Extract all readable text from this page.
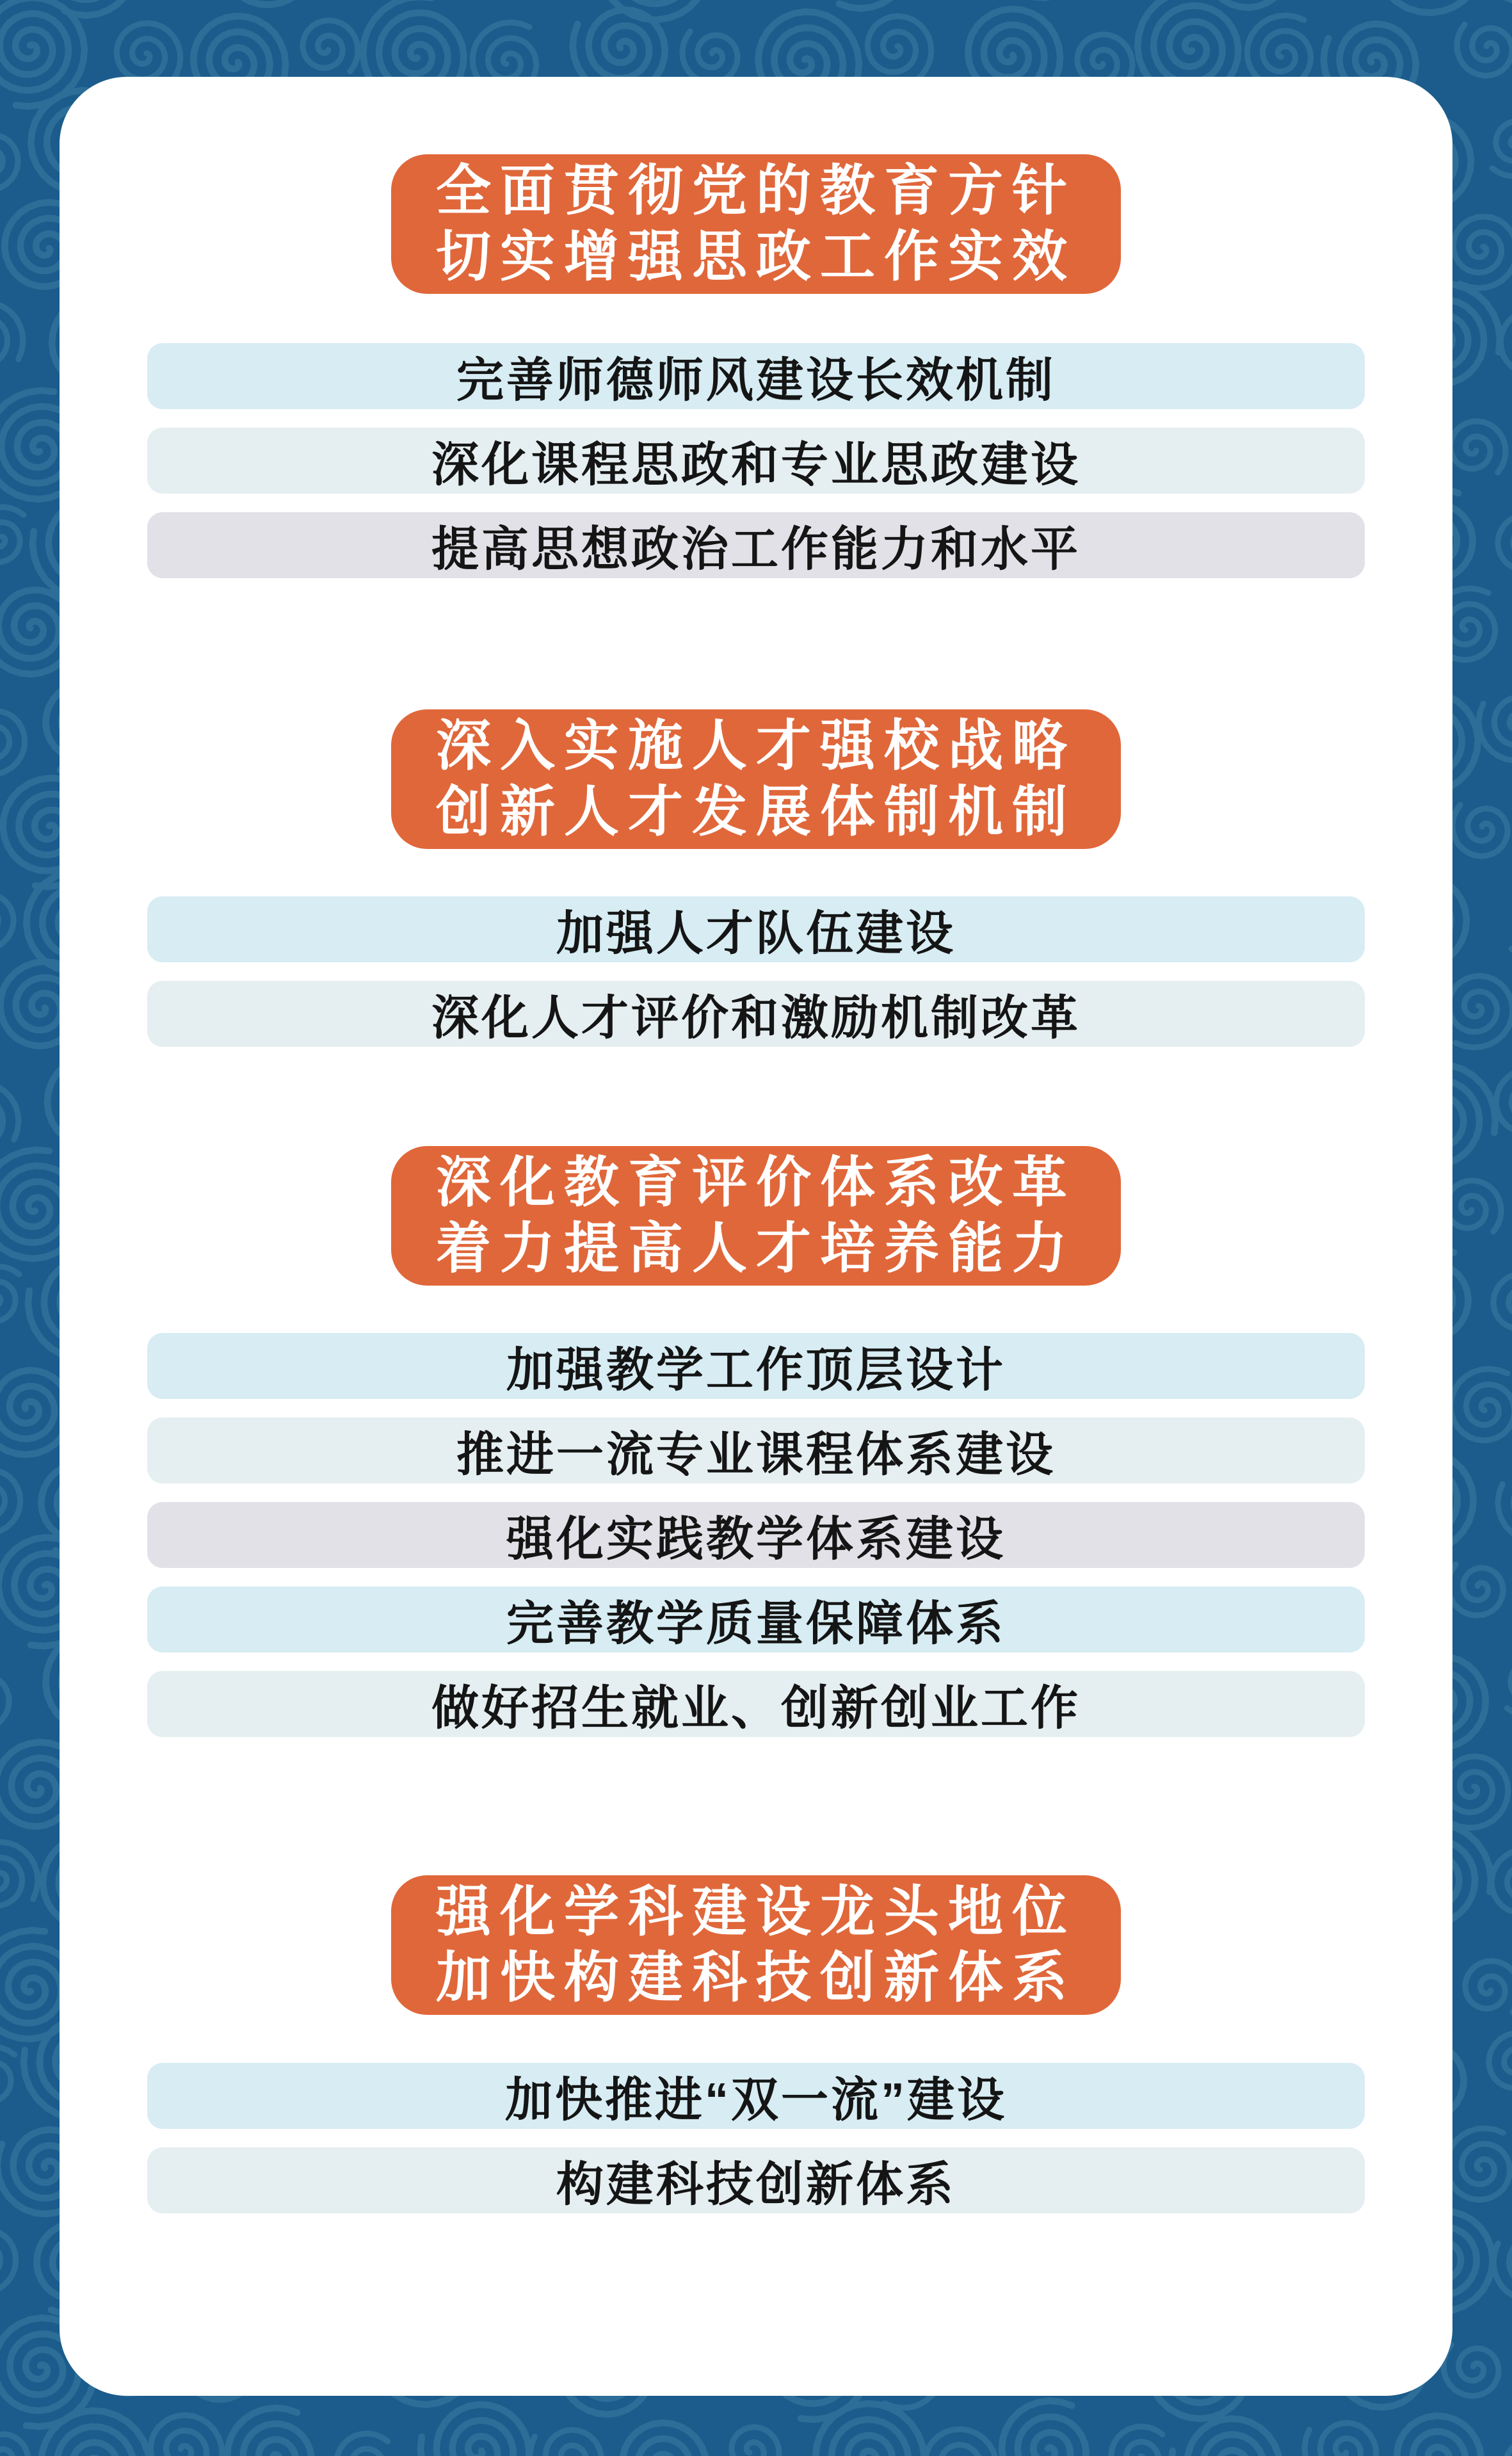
全面贯彻党的教育方针
切实增强思政工作实效
完善师德师风建设长效机制
深化课程思政和专业思政建设
提高思想政治工作能力和水平
深入实施人才强校战略
创新人才发展体制机制
加强人才队伍建设
深化人才评价和激励机制改革
深化教育评价体系改革
着力提高人才培养能力
加强教学工作顶层设计
推进一流专业课程体系建设
强化实践教学体系建设
完善教学质量保障体系
做好招生就业、创新创业工作
强化学科建设龙头地位
加快构建科技创新体系
加快推进“双一流”建设
构建科技创新体系
